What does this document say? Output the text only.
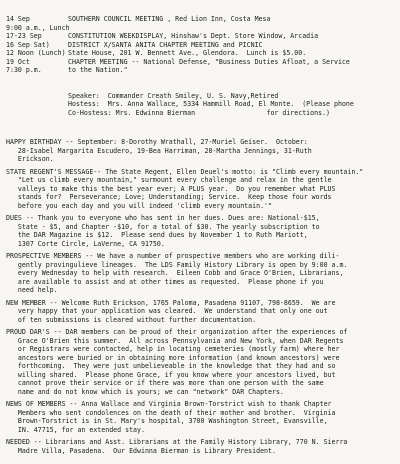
14 Sep	SOUTHERN COUNCIL MEETING , Red Lion Inn, Costa Mesa
9:00 a.m., Lunch
17-23 Sep	CONSTITUTION WEEKDISPLAY, Hinshaw's Dept. Store Window, Arcadia
16 Sep Sat)	DISTRICT X/SANTA ANITA CHAPTER MEETING and PICNIC
12 Noon (Lunch) State House, 201 W. Bennett Ave., Glendora.  Lunch is $5.00.
19 Oct	CHAPTER MEETING -- National Defense, "Business Duties Afloat, a Service
7:30 p.m.	to the Nation."

Speaker:  Commander Creath Smiley, U. S. Navy,Retired
Hostess:  Mrs. Anna Wallace, 5334 Hammill Road, El Monte.  (Please phone
Co-Hostess: Mrs. Edwinna Bierman                  for directions.)

HAPPY BIRTHDAY -- September: 8-Dorothy Wrathall, 27-Muriel Geiser.  October:
28-Isabel Margarita Escudero, 19-Bea Harriman, 28-Martha Jennings, 31-Ruth
Erickson.
STATE REGENT'S MESSAGE-- The State Regent, Ellen Deuel's motto: is "Climb every mountain."
"Let us climb every mountain," surmount every challenge and relax in the gentle
valleys to make this the best year ever; A PLUS year.  Do you remember what PLUS
stands for?  Perseverance; Love; Understanding; Service.  Keep those four words
before you each day and you will indeed 'climb every mountain.'"
DUES -- Thank you to everyone who has sent in her dues. Dues are: National-$15,
State - $5, and Chapter -$10, for a total of $30. The yearly subscription to
the DAR Magazine is $12.  Please send dues by November 1 to Ruth Mariott,
1307 Corte Circle, LaVerne, CA 91750.
PROSPECTIVE MEMBERS -- We have a number of prospective members who are working dili-
gently provingulieve lineages.  The LDS Family History Library is open by 9:00 a.m.
every Wednesday to help with research.  Eileen Cobb and Grace O'Brien, Librarians,
are available to assist and at other times as requested.  Please phone if you
need help.
NEW MEMBER -- Welcome Ruth Erickson, 1765 Paloma, Pasadena 91107, 798-8659.  We are
very happy that your application was cleared.  We understand that only one out
of ten submissions is cleared without further documentation.
PROUD DAR'S -- DAR members can be proud of their organization after the experiences of
Grace O'Brien this summer.  All across Pennsylvania and New York, when DAR Regents
or Registrars were contacted, help in locating cemeteries (mostly farm) where her
ancestors were buried or in obtaining more information (and known ancestors) were
forthcoming.  They were just unbelieveable in the knowledge that they had and so
willing shared.  Please phone Grace, if you know where your ancestors lived, but
cannot prove their service or if there was more than one person with the same
name and do not know which is yours; we can "network" DAR Chapters.
NEWS OF MEMBERS -- Anna Wallace and Virginia Brown-Torstrict wish to thank Chapter
Members who sent condolences on the death of their mother and brother.  Virginia
Brown-Torstrict is in St. Mary's hospital, 3700 Washington Street, Evansville,
IN. 47715, for an extended stay.
NEEDED -- Librarians and Asst. Librarians at the Family History Library, 770 N. Sierra
Madre Villa, Pasadena.  Our Edwinna Bierman is Library President.
